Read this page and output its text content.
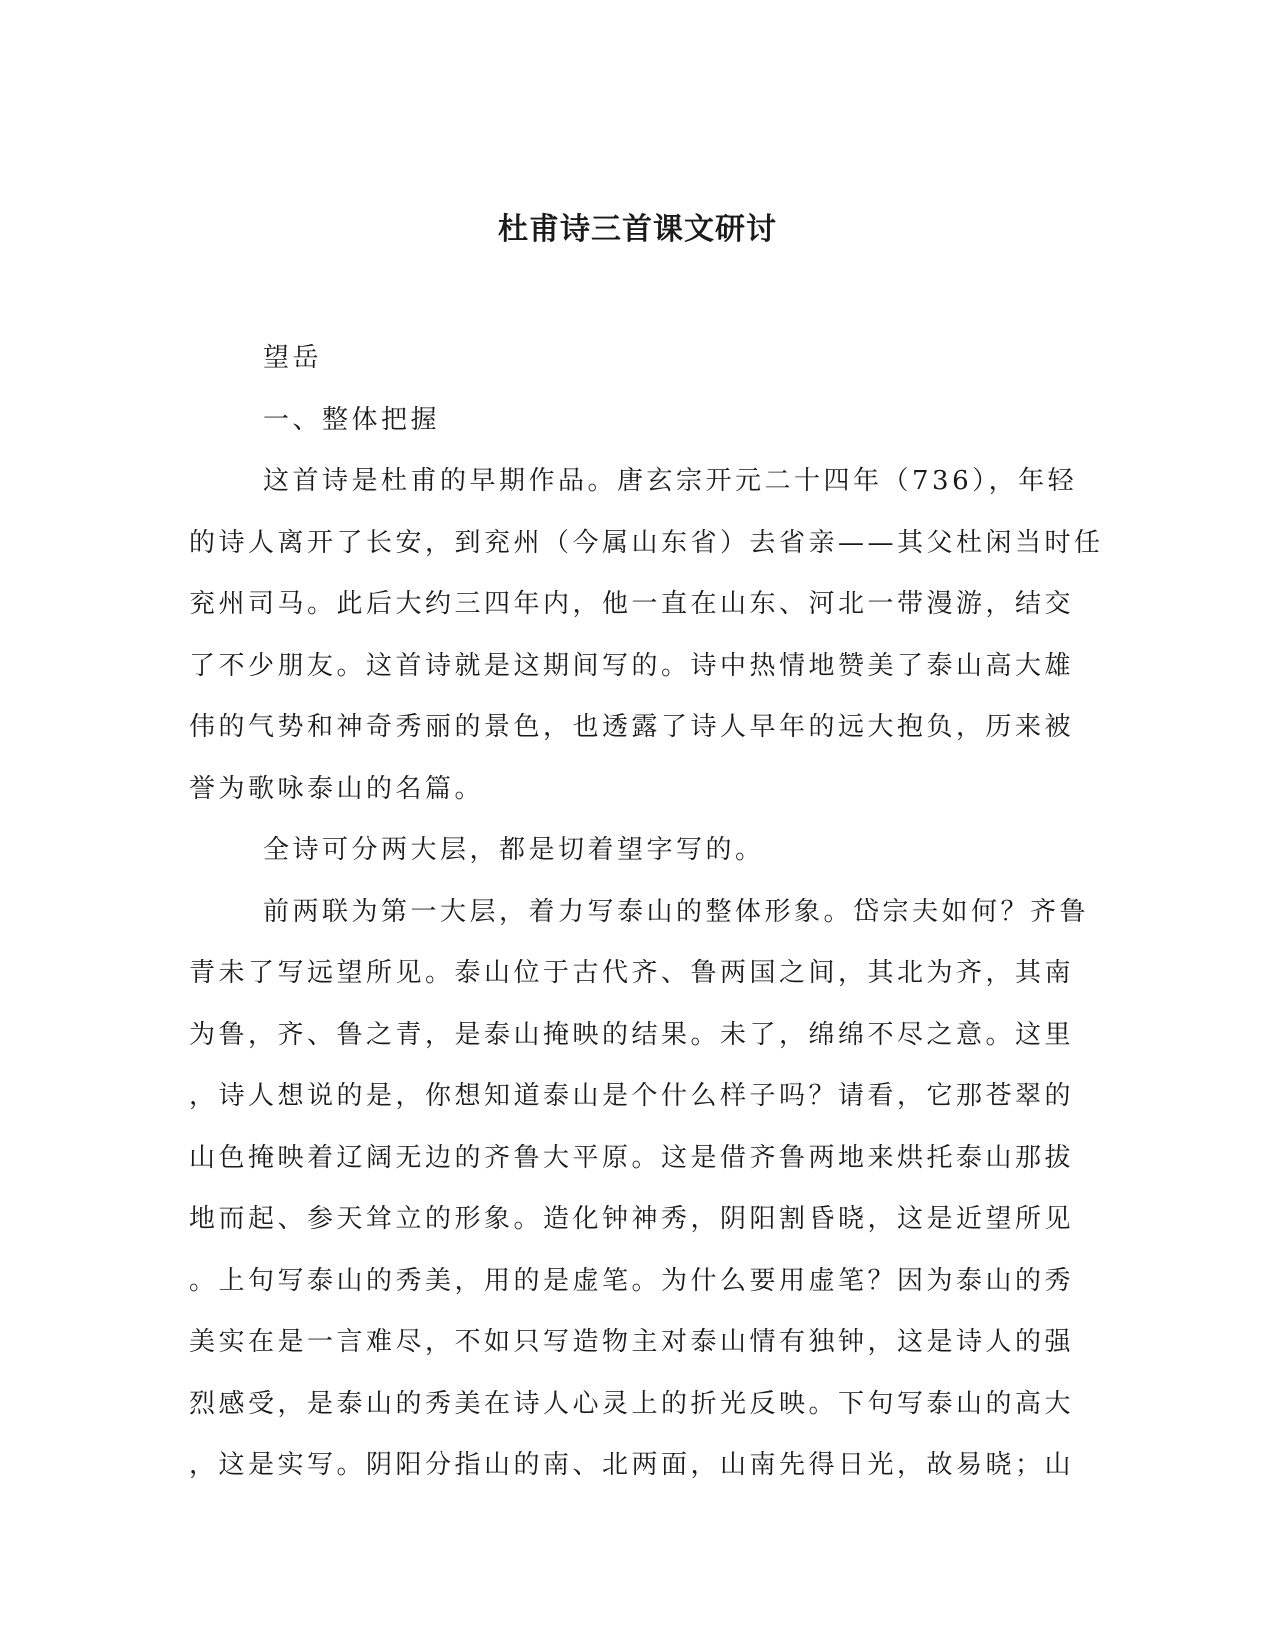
杜甫诗三首课文研讨
望岳
一、整体把握
这首诗是杜甫的早期作品。唐玄宗开元二十四年（736），年轻
的诗人离开了长安，到兖州（今属山东省）去省亲——其父杜闲当时任
兖州司马。此后大约三四年内，他一直在山东、河北一带漫游，结交
了不少朋友。这首诗就是这期间写的。诗中热情地赞美了泰山高大雄
伟的气势和神奇秀丽的景色，也透露了诗人早年的远大抱负，历来被
誉为歌咏泰山的名篇。
全诗可分两大层，都是切着望字写的。
前两联为第一大层，着力写泰山的整体形象。岱宗夫如何？齐鲁
青未了写远望所见。泰山位于古代齐、鲁两国之间，其北为齐，其南
为鲁，齐、鲁之青，是泰山掩映的结果。未了，绵绵不尽之意。这里
，诗人想说的是，你想知道泰山是个什么样子吗？请看，它那苍翠的
山色掩映着辽阔无边的齐鲁大平原。这是借齐鲁两地来烘托泰山那拔
地而起、参天耸立的形象。造化钟神秀，阴阳割昏晓，这是近望所见
。上句写泰山的秀美，用的是虚笔。为什么要用虚笔？因为泰山的秀
美实在是一言难尽，不如只写造物主对泰山情有独钟，这是诗人的强
烈感受，是泰山的秀美在诗人心灵上的折光反映。下句写泰山的高大
，这是实写。阴阳分指山的南、北两面，山南先得日光，故易晓；山
